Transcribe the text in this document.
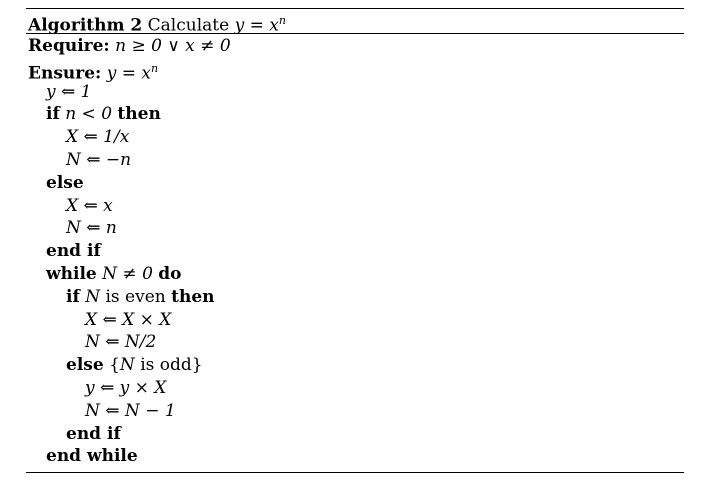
Algorithm 2 Calculate $y = x^n$
Require: n ≥ 0 ∨ x ≠ 0
Ensure: $y = x^n$
y ⇐ 1
if n < 0 then
X ⇐ 1/x
N ⇐ −n
else
X ⇐ x
N ⇐ n
end if
while N ≠ 0 do
if N is even then
X ⇐ X × X
N ⇐ N/2
else {N is odd}
y ⇐ y × X
N ⇐ N − 1
end if
end while
